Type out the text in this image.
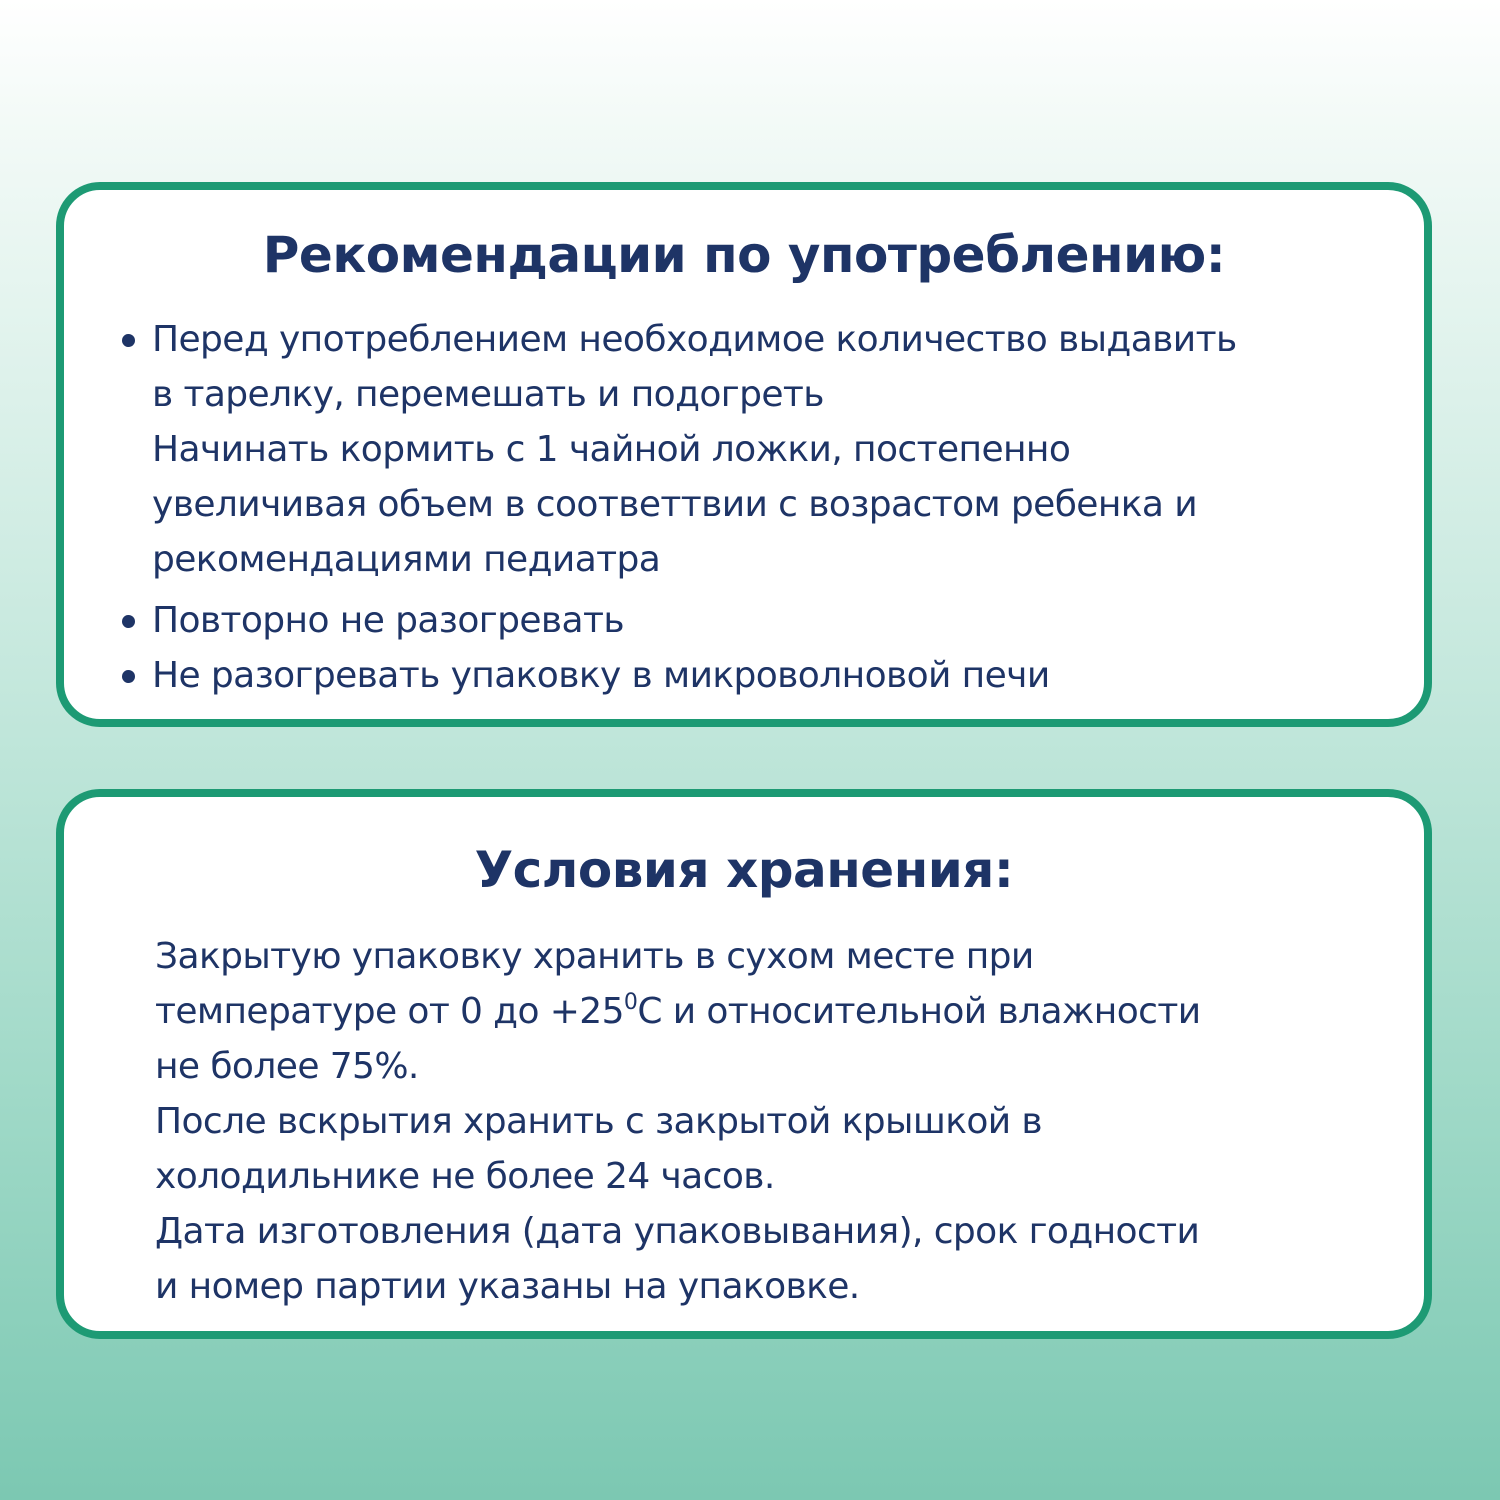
Рекомендации по употреблению:
Перед употреблением необходимое количество выдавить
в тарелку, перемешать и подогреть
Начинать кормить с 1 чайной ложки, постепенно
увеличивая объем в соответтвии с возрастом ребенка и
рекомендациями педиатра
Повторно не разогревать
Не разогревать упаковку в микроволновой печи
Условия хранения:

Закрытую упаковку хранить в сухом месте при
температуре от 0 до $+25^0С$ и относительной влажности
не более 75%.
После вскрытия хранить с закрытой крышкой в
холодильнике не более 24 часов.
Дата изготовления (дата упаковывания), срок годности
и номер партии указаны на упаковке.
